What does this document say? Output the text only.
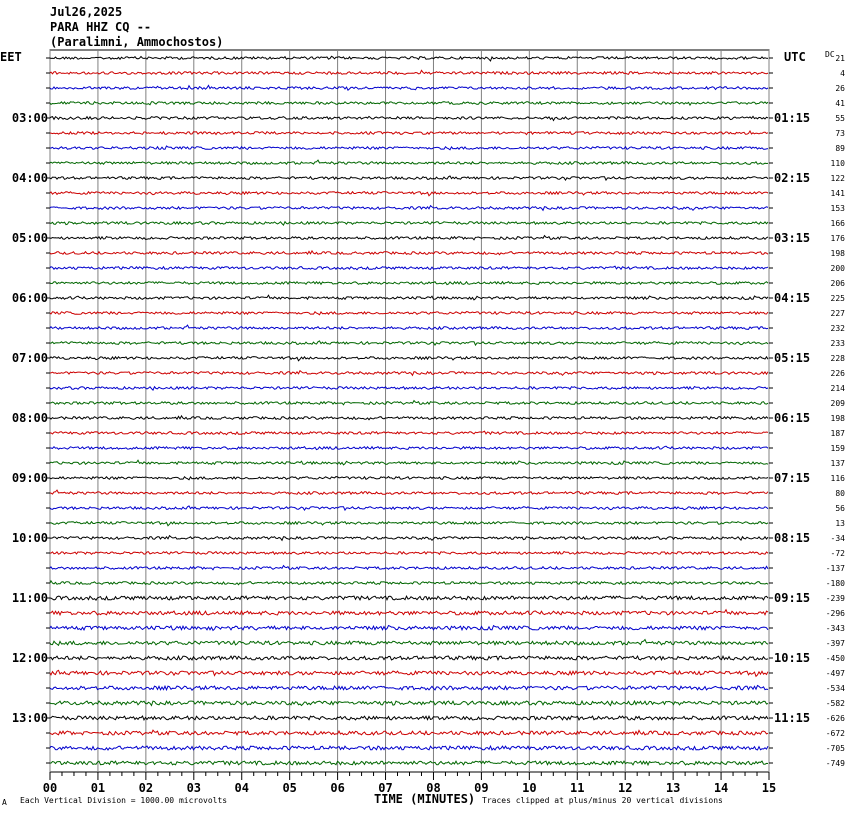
Jul26,2025
PARA HHZ CQ --
(Paralimni, Ammochostos)
EET	UTC
00	01	02	03	04	05	06	07	08	09	10	11	12	13	14	15
21
4
26
41
55
73
89
110
122
141
153
166
176
198
200
206
225
227
232
233
228
226
214
209
198
187
159
137
116
80
56
13
-34
-72
-137
-180
-239
-296
-343
-397
-450
-497
-534
-582
-626
-672
-705
-749
DC
03:00	01:15
04:00	02:15
05:00	03:15
06:00	04:15
07:00	05:15
08:00	06:15
09:00	07:15
10:00	08:15
11:00	09:15
12:00	10:15
13:00	11:15
A Each Vertical Division = 1000.00 microvolts	TIME (MINUTES) Traces clipped at plus/minus 20 vertical divisions
